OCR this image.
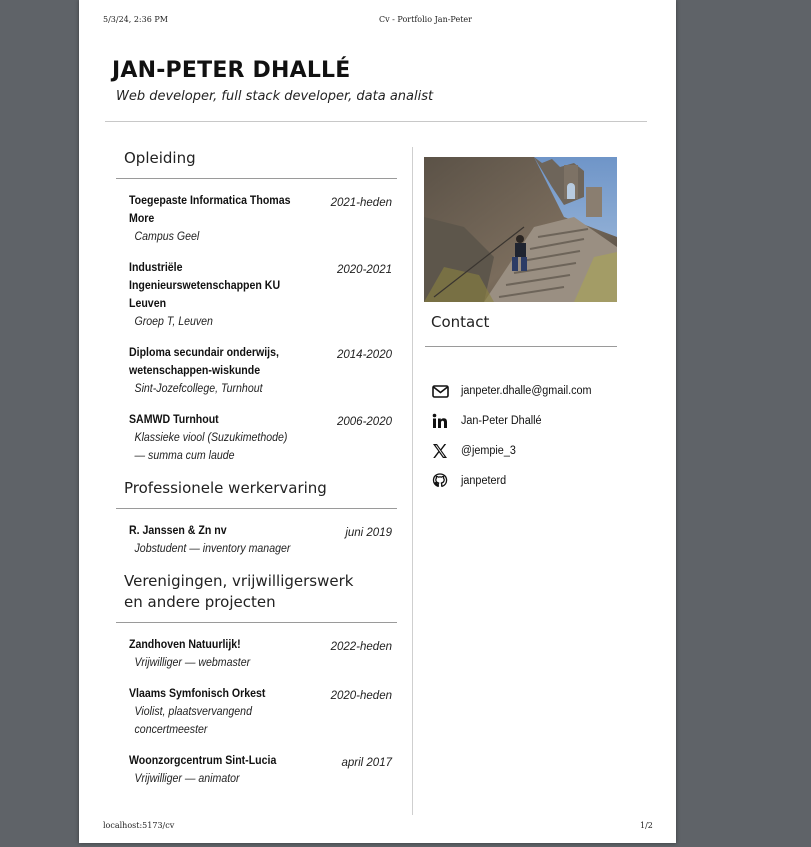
5/3/24, 2:36 PM	Cv - Portfolio Jan-Peter
JAN-PETER DHALLÉ
Web developer, full stack developer, data analist
Opleiding
Toegepaste Informatica Thomas More
Campus Geel
2021-heden
Industriële Ingenieurswetenschappen KU Leuven
Groep T, Leuven
2020-2021
Diploma secundair onderwijs, wetenschappen-wiskunde
Sint-Jozefcollege, Turnhout
2014-2020
SAMWD Turnhout
Klassieke viool (Suzukimethode) — summa cum laude
2006-2020
Professionele werkervaring
R. Janssen & Zn nv
Jobstudent — inventory manager
juni 2019
Verenigingen, vrijwilligerswerk en andere projecten
Zandhoven Natuurlijk!
Vrijwilliger — webmaster
2022-heden
Vlaams Symfonisch Orkest
Violist, plaatsvervangend concertmeester
2020-heden
Woonzorgcentrum Sint-Lucia
Vrijwilliger — animator
april 2017
Contact
janpeter.dhalle@gmail.com
Jan-Peter Dhallé
@jempie_3
janpeterd
localhost:5173/cv	1/2
